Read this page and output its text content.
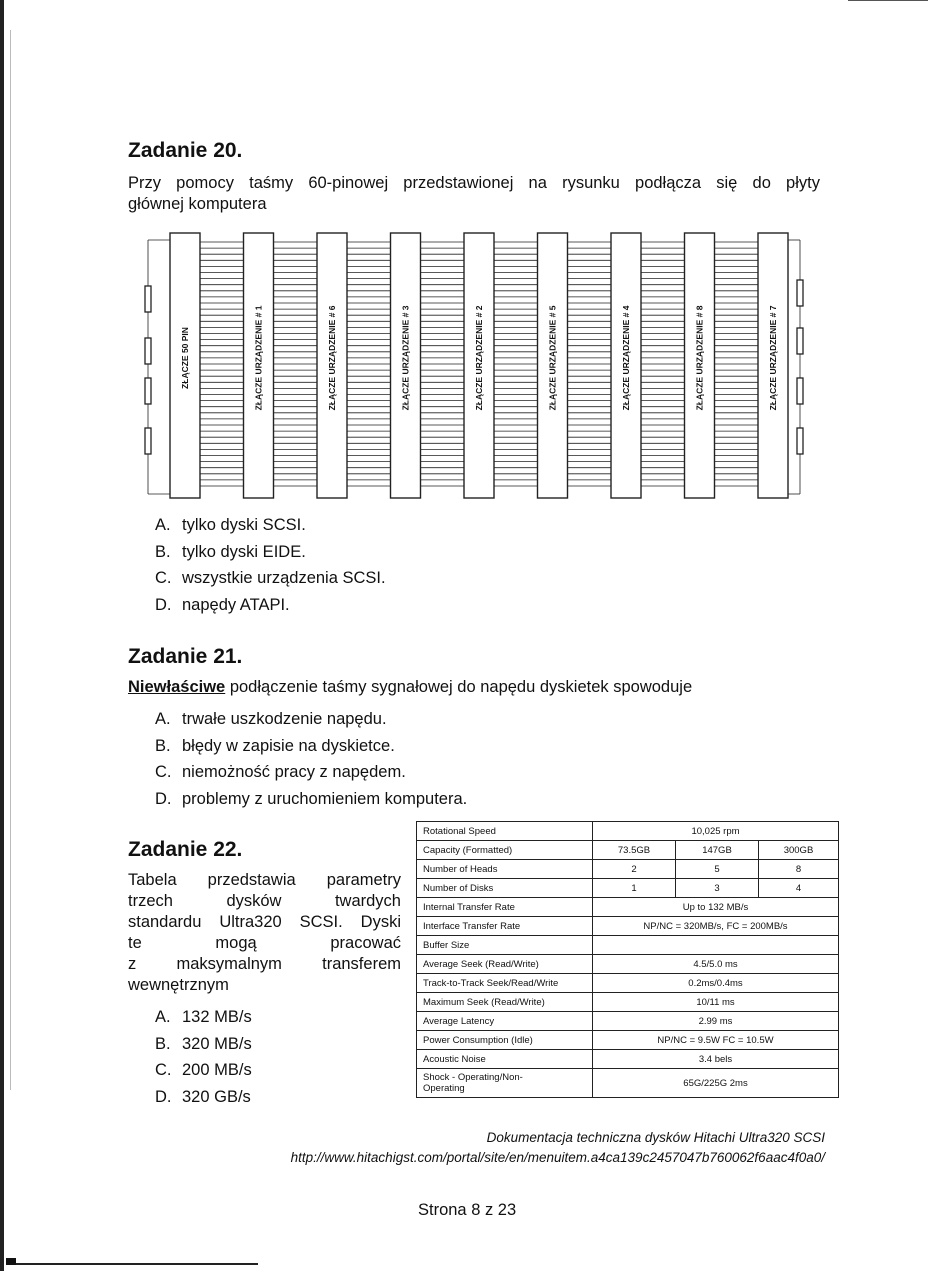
Zadanie 20.
Przy pomocy taśmy 60-pinowej przedstawionej na rysunku podłącza się do płyty
głównej komputera
ZŁĄCZE 50 PIN	ZŁĄCZE URZĄDZENIE # 1	ZŁĄCZE URZĄDZENIE # 6	ZŁĄCZE URZĄDZENIE # 3	ZŁĄCZE URZĄDZENIE # 2	ZŁĄCZE URZĄDZENIE # 5	ZŁĄCZE URZĄDZENIE # 4	ZŁĄCZE URZĄDZENIE # 8	ZŁĄCZE URZĄDZENIE # 7
A. tylko dyski SCSI.
B. tylko dyski EIDE.
C. wszystkie urządzenia SCSI.
D. napędy ATAPI.
Zadanie 21.
Niewłaściwe podłączenie taśmy sygnałowej do napędu dyskietek spowoduje
A. trwałe uszkodzenie napędu.
B. błędy w zapisie na dyskietce.
C. niemożność pracy z napędem.
D. problemy z uruchomieniem komputera.
Zadanie 22.
Tabela przedstawia parametry
trzech dysków twardych
standardu Ultra320 SCSI. Dyski
te mogą pracować
z maksymalnym transferem
wewnętrznym
A. 132 MB/s
B. 320 MB/s
C. 200 MB/s
D. 320 GB/s
Rotational Speed	10,025 rpm		
Capacity (Formatted)	73.5GB	147GB	300GB
Number of Heads	2	5	8
Number of Disks	1	3	4
Internal Transfer Rate	Up to 132 MB/s		
Interface Transfer Rate	NP/NC = 320MB/s, FC = 200MB/s		
Buffer Size			
Average Seek (Read/Write)	4.5/5.0 ms		
Track-to-Track Seek/Read/Write	0.2ms/0.4ms		
Maximum Seek (Read/Write)	10/11 ms		
Average Latency	2.99 ms		
Power Consumption (Idle)	NP/NC = 9.5W FC = 10.5W		
Acoustic Noise	3.4 bels		

Shock - Operating/Non-
Operating	65G/225G 2ms		
Dokumentacja techniczna dysków Hitachi Ultra320 SCSI
http://www.hitachigst.com/portal/site/en/menuitem.a4ca139c2457047b760062f6aac4f0a0/
Strona 8 z 23
